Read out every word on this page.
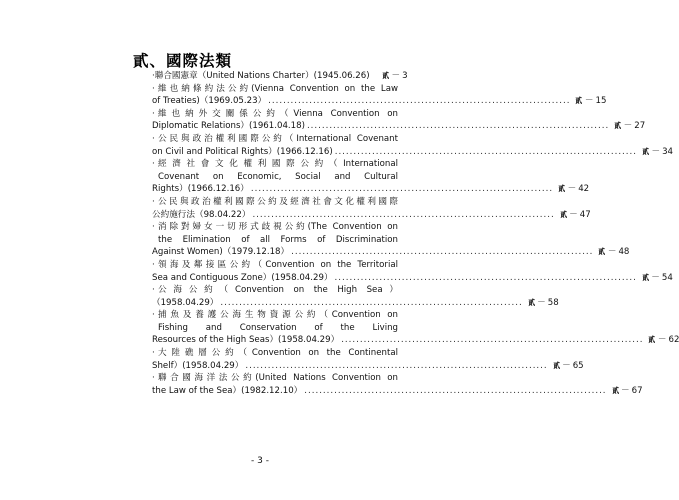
貳、國際法類
‧ 聯合國憲章（United Nations Charter）(1945.06.26)	貳 － 3
‧ 維也納條約法公約(Vienna Convention on the Law
of Treaties)（1969.05.23） ................................................................................. 貳 － 15
‧ 維也納外交關係公約（Vienna Convention on
Diplomatic Relations）(1961.04.18) ................................................................................. 貳 － 27
‧ 公民與政治權利國際公約（International Covenant
on Civil and Political Rights）(1966.12.16) ................................................................................. 貳 － 34
‧ 經濟社會文化權利國際公約（International
Covenant on Economic, Social and Cultural
Rights）(1966.12.16） ................................................................................. 貳 － 42
‧ 公民與政治權利國際公約及經濟社會文化權利國際
公約施行法（98.04.22） ................................................................................. 貳 － 47
‧ 消除對婦女一切形式歧視公約(The Convention on
the Elimination of all Forms of Discrimination
Against Women)（1979.12.18） ................................................................................. 貳 － 48
‧ 領海及鄰接區公約（Convention on the Territorial
Sea and Contiguous Zone）(1958.04.29） ................................................................................. 貳 － 54
‧ 公海公約（Convention on the High Sea）
（1958.04.29） ................................................................................. 貳 － 58
‧ 捕魚及養護公海生物資源公約（Convention on
Fishing and Conservation of the Living
Resources of the High Seas）(1958.04.29） ................................................................................. 貳 － 62
‧ 大陸礁層公約（Convention on the Continental
Shelf）(1958.04.29） ................................................................................. 貳 － 65
‧ 聯合國海洋法公約(United Nations Convention on
the Law of the Sea）(1982.12.10） ................................................................................. 貳 － 67
- 3 -
